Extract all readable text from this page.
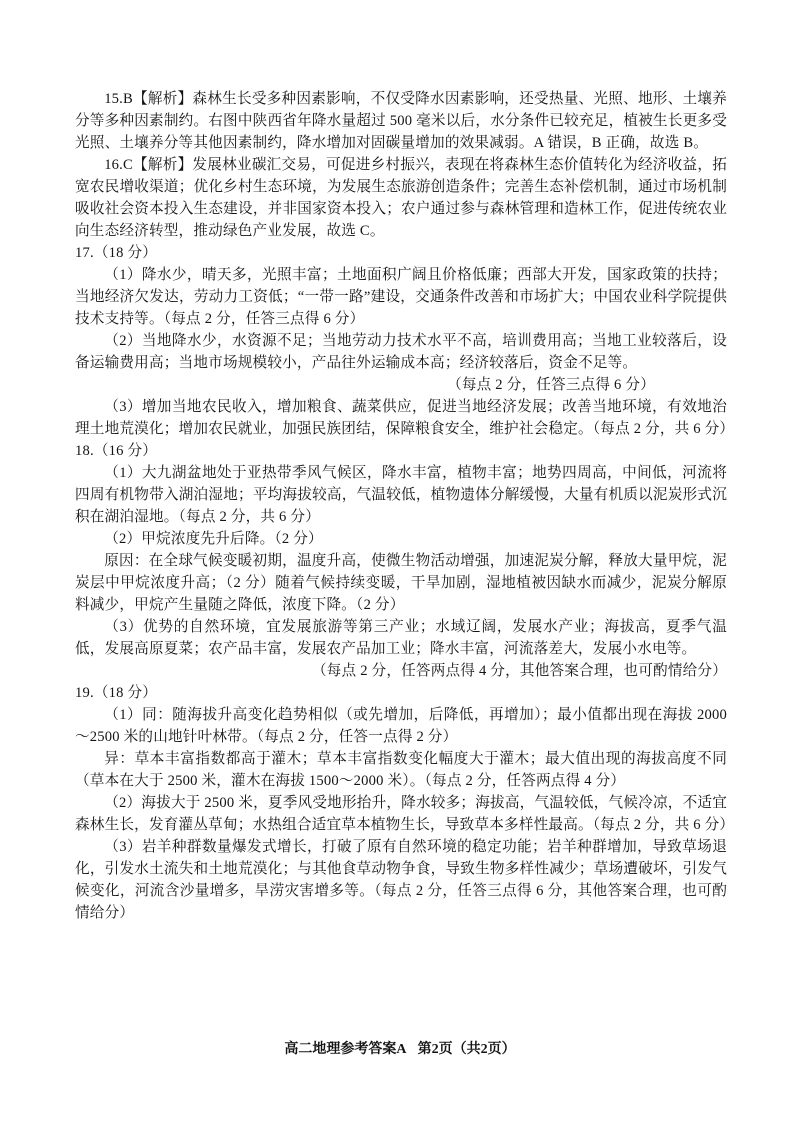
15.B【解析】森林生长受多种因素影响，不仅受降水因素影响，还受热量、光照、地形、土壤养分等多种因素制约。右图中陕西省年降水量超过 500 毫米以后，水分条件已较充足，植被生长更多受光照、土壤养分等其他因素制约，降水增加对固碳量增加的效果减弱。A 错误，B 正确，故选 B。

16.C【解析】发展林业碳汇交易，可促进乡村振兴，表现在将森林生态价值转化为经济收益，拓宽农民增收渠道；优化乡村生态环境，为发展生态旅游创造条件；完善生态补偿机制，通过市场机制吸收社会资本投入生态建设，并非国家资本投入；农户通过参与森林管理和造林工作，促进传统农业向生态经济转型，推动绿色产业发展，故选 C。

17.（18 分）

（1）降水少，晴天多，光照丰富；土地面积广阔且价格低廉；西部大开发，国家政策的扶持；当地经济欠发达，劳动力工资低；“一带一路”建设，交通条件改善和市场扩大；中国农业科学院提供技术支持等。（每点 2 分，任答三点得 6 分）

（2）当地降水少，水资源不足；当地劳动力技术水平不高，培训费用高；当地工业较落后，设备运输费用高；当地市场规模较小，产品往外运输成本高；经济较落后，资金不足等。

（每点 2 分，任答三点得 6 分）

（3）增加当地农民收入，增加粮食、蔬菜供应，促进当地经济发展；改善当地环境，有效地治理土地荒漠化；增加农民就业，加强民族团结，保障粮食安全，维护社会稳定。（每点 2 分，共 6 分）

18.（16 分）

（1）大九湖盆地处于亚热带季风气候区，降水丰富，植物丰富；地势四周高，中间低，河流将四周有机物带入湖泊湿地；平均海拔较高，气温较低，植物遗体分解缓慢，大量有机质以泥炭形式沉积在湖泊湿地。（每点 2 分，共 6 分）

（2）甲烷浓度先升后降。（2 分）

原因：在全球气候变暖初期，温度升高，使微生物活动增强，加速泥炭分解，释放大量甲烷，泥炭层中甲烷浓度升高；（2 分）随着气候持续变暖，干旱加剧，湿地植被因缺水而减少，泥炭分解原料减少，甲烷产生量随之降低，浓度下降。（2 分）

（3）优势的自然环境，宜发展旅游等第三产业；水域辽阔，发展水产业；海拔高，夏季气温低，发展高原夏菜；农产品丰富，发展农产品加工业；降水丰富，河流落差大，发展小水电等。

（每点 2 分，任答两点得 4 分，其他答案合理，也可酌情给分）

19.（18 分）

（1）同：随海拔升高变化趋势相似（或先增加，后降低，再增加）；最小值都出现在海拔 2000～2500 米的山地针叶林带。（每点 2 分，任答一点得 2 分）

异：草本丰富指数都高于灌木；草本丰富指数变化幅度大于灌木；最大值出现的海拔高度不同（草本在大于 2500 米，灌木在海拔 1500～2000 米）。（每点 2 分，任答两点得 4 分）

（2）海拔大于 2500 米，夏季风受地形抬升，降水较多；海拔高，气温较低，气候冷凉，不适宜森林生长，发育灌丛草甸；水热组合适宜草本植物生长，导致草本多样性最高。（每点 2 分，共 6 分）

（3）岩羊种群数量爆发式增长，打破了原有自然环境的稳定功能；岩羊种群增加，导致草场退化，引发水土流失和土地荒漠化；与其他食草动物争食，导致生物多样性减少；草场遭破坏，引发气候变化，河流含沙量增多，旱涝灾害增多等。（每点 2 分，任答三点得 6 分，其他答案合理，也可酌情给分）

高二地理参考答案A 第2页（共2页）
